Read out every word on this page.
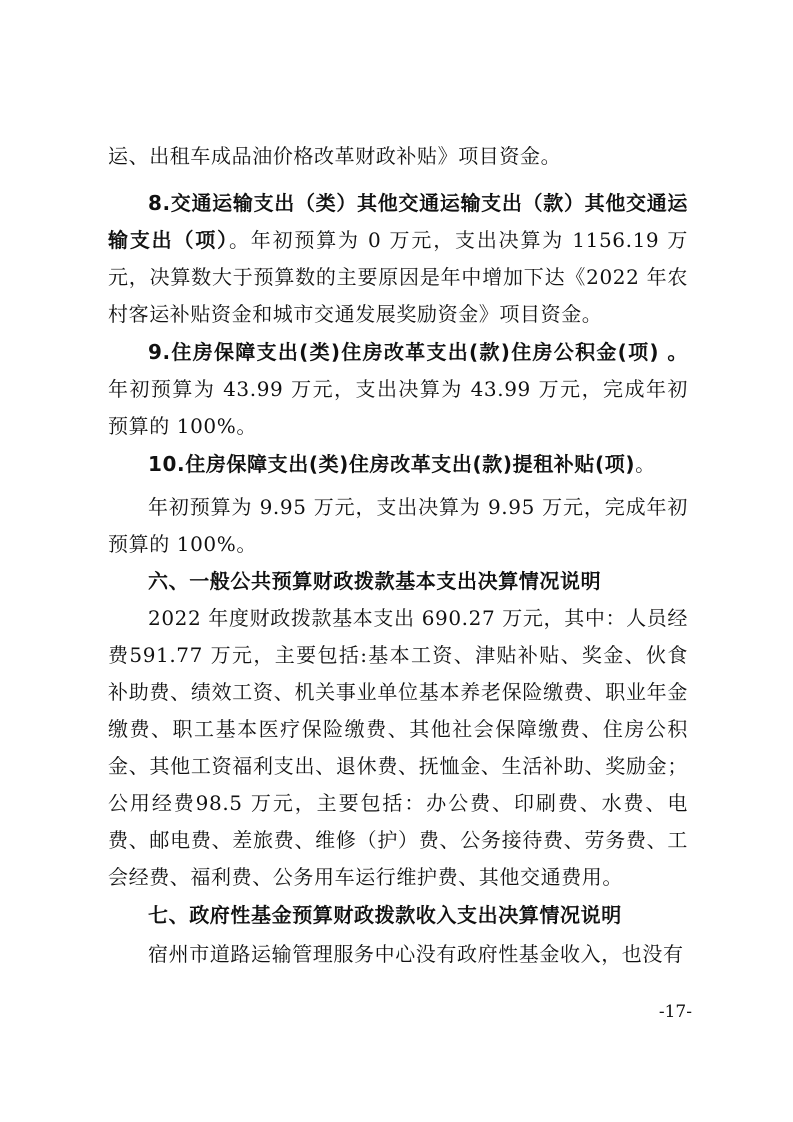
运、出租车成品油价格改革财政补贴》项目资金。

8.交通运输支出（类）其他交通运输支出（款）其他交通运输支出（项）。年初预算为 0 万元，支出决算为 1156.19 万元，决算数大于预算数的主要原因是年中增加下达《2022 年农村客运补贴资金和城市交通发展奖励资金》项目资金。

9.住房保障支出(类)住房改革支出(款)住房公积金(项) 。年初预算为 43.99 万元，支出决算为 43.99 万元，完成年初预算的 100%。

10.住房保障支出(类)住房改革支出(款)提租补贴(项)。

年初预算为 9.95 万元，支出决算为 9.95 万元，完成年初预算的 100%。

六、一般公共预算财政拨款基本支出决算情况说明

2022 年度财政拨款基本支出 690.27 万元，其中：人员经费591.77 万元，主要包括:基本工资、津贴补贴、奖金、伙食补助费、绩效工资、机关事业单位基本养老保险缴费、职业年金缴费、职工基本医疗保险缴费、其他社会保障缴费、住房公积金、其他工资福利支出、退休费、抚恤金、生活补助、奖励金；公用经费98.5 万元，主要包括：办公费、印刷费、水费、电费、邮电费、差旅费、维修（护）费、公务接待费、劳务费、工会经费、福利费、公务用车运行维护费、其他交通费用。

七、政府性基金预算财政拨款收入支出决算情况说明

宿州市道路运输管理服务中心没有政府性基金收入，也没有

-17-
